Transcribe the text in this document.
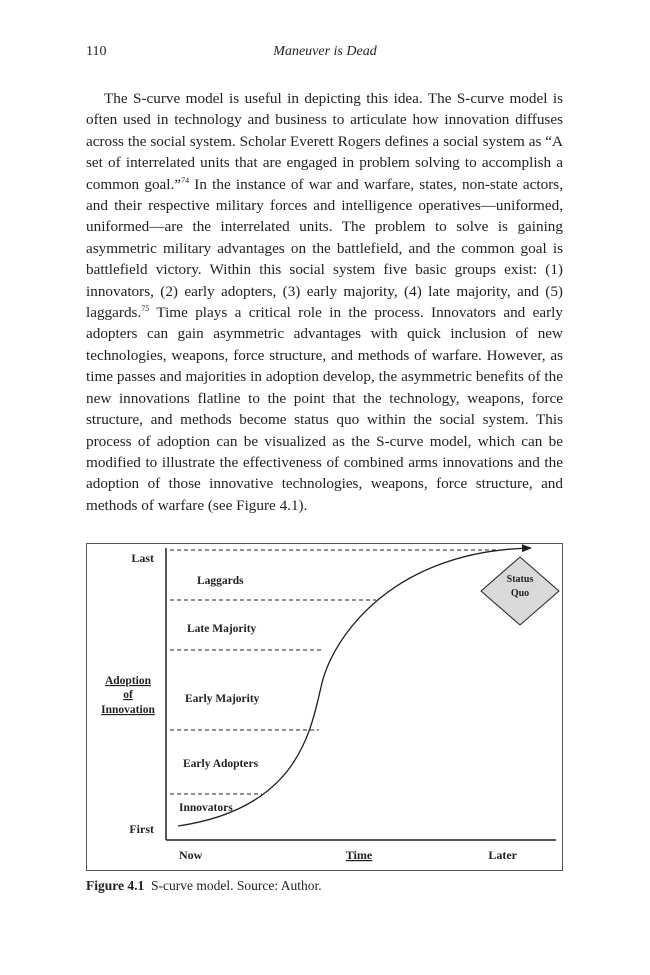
110	Maneuver is Dead

The S-curve model is useful in depicting this idea. The S-curve model is often used in technology and business to articulate how innovation diffuses across the social system. Scholar Everett Rogers defines a social system as “A set of interrelated units that are engaged in problem solving to accomplish a common goal.”$^{74}$ In the instance of war and warfare, states, non-state actors, and their respective military forces and intelligence operatives—uniformed, uniformed—are the interrelated units. The problem to solve is gaining asymmetric military advantages on the battlefield, and the common goal is battlefield victory. Within this social system five basic groups exist: (1) innovators, (2) early adopters, (3) early majority, (4) late majority, and (5) laggards.$^{75}$ Time plays a critical role in the process. Innovators and early adopters can gain asymmetric advantages with quick inclusion of new technologies, weapons, force structure, and methods of warfare. However, as time passes and majorities in adoption develop, the asymmetric benefits of the new innovations flatline to the point that the technology, weapons, force structure, and methods become status quo within the social system. This process of adoption can be visualized as the S-curve model, which can be modified to illustrate the effectiveness of combined arms innovations and the adoption of those innovative technologies, weapons, force structure, and methods of warfare (see Figure 4.1).

Status
Quo
Last
First
Adoption
of
Innovation
Laggards
Late Majority
Early Majority
Early Adopters
Innovators
Now	Time	Later
Figure 4.1  S-curve model. Source: Author.
